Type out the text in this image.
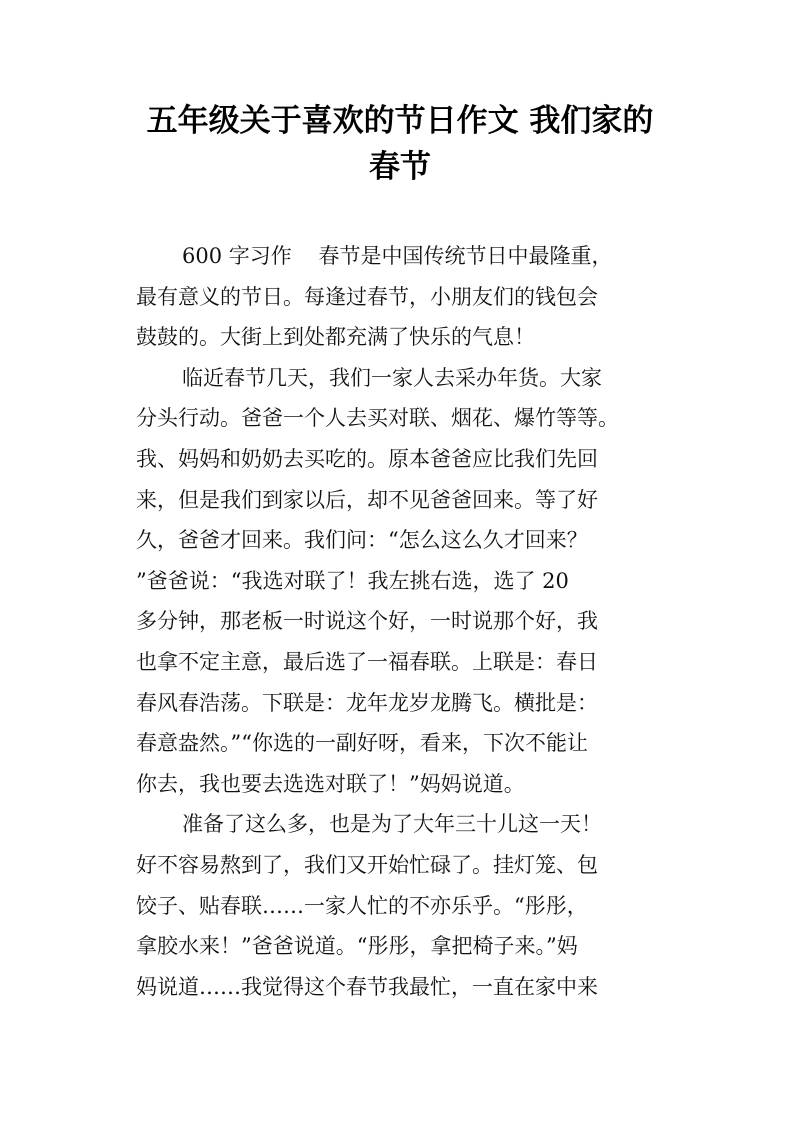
五年级关于喜欢的节日作文 我们家的
春节
600 字习作    春节是中国传统节日中最隆重，
最有意义的节日。每逢过春节，小朋友们的钱包会
鼓鼓的。大街上到处都充满了快乐的气息！
临近春节几天，我们一家人去采办年货。大家
分头行动。爸爸一个人去买对联、烟花、爆竹等等。
我、妈妈和奶奶去买吃的。原本爸爸应比我们先回
来，但是我们到家以后，却不见爸爸回来。等了好
久，爸爸才回来。我们问：“怎么这么久才回来？
”爸爸说：“我选对联了！我左挑右选，选了 20
多分钟，那老板一时说这个好，一时说那个好，我
也拿不定主意，最后选了一福春联。上联是：春日
春风春浩荡。下联是：龙年龙岁龙腾飞。横批是：
春意盎然。”“你选的一副好呀，看来，下次不能让
你去，我也要去选选对联了！”妈妈说道。
准备了这么多，也是为了大年三十儿这一天！
好不容易熬到了，我们又开始忙碌了。挂灯笼、包
饺子、贴春联……一家人忙的不亦乐乎。“彤彤，
拿胶水来！”爸爸说道。“彤彤，拿把椅子来。”妈
妈说道……我觉得这个春节我最忙，一直在家中来
